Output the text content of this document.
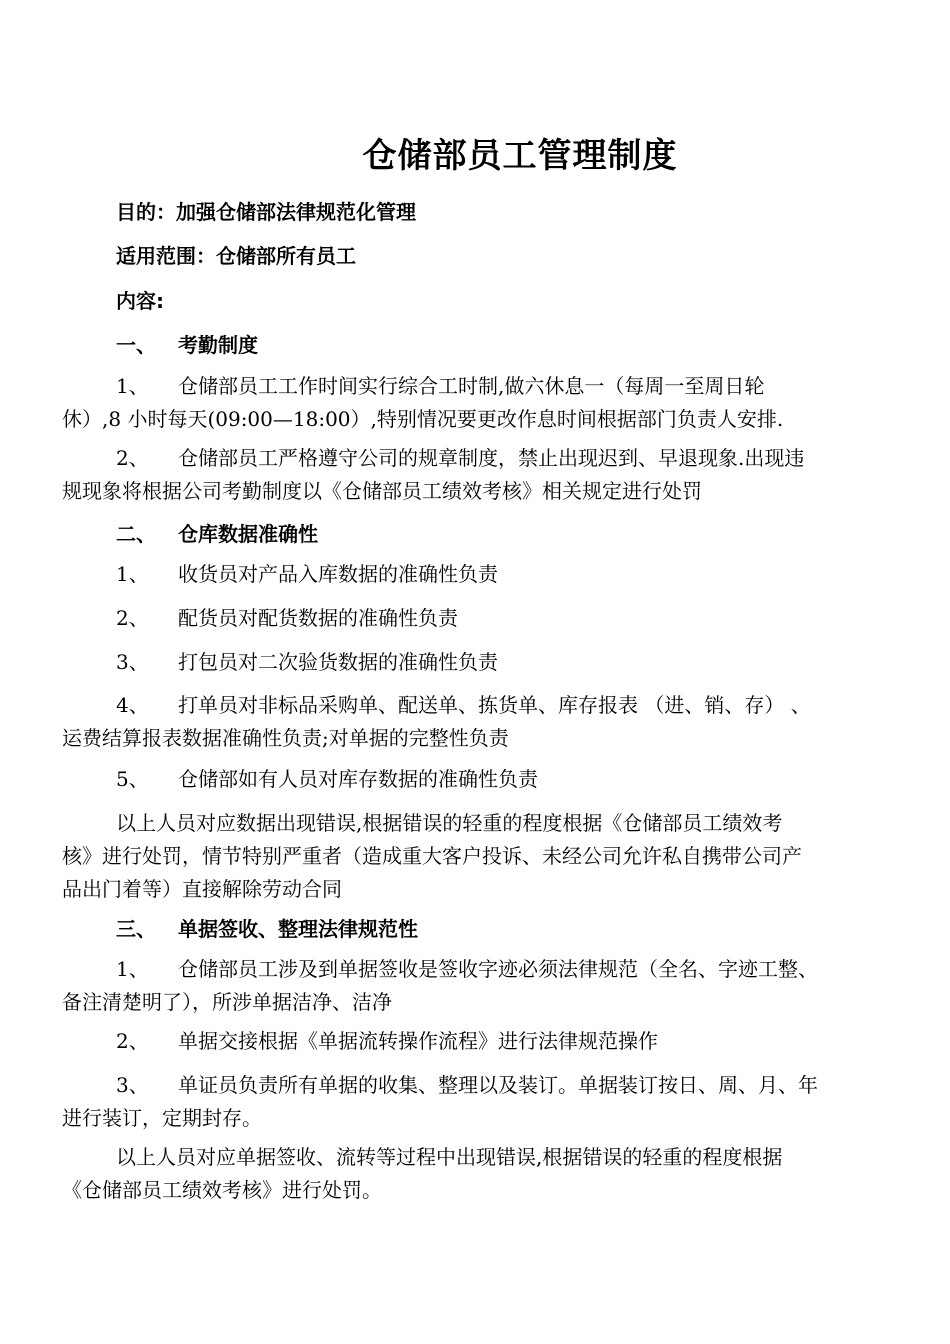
仓储部员工管理制度
目的：加强仓储部法律规范化管理
适用范围：仓储部所有员工
内容:
一、 考勤制度
1、 仓储部员工工作时间实行综合工时制,做六休息一（每周一至周日轮
休）,8 小时每天(09:00—18:00）,特别情况要更改作息时间根据部门负责人安排.
2、 仓储部员工严格遵守公司的规章制度，禁止出现迟到、早退现象.出现违
规现象将根据公司考勤制度以《仓储部员工绩效考核》相关规定进行处罚
二、 仓库数据准确性
1、 收货员对产品入库数据的准确性负责
2、 配货员对配货数据的准确性负责
3、 打包员对二次验货数据的准确性负责
4、 打单员对非标品采购单、配送单、拣货单、库存报表 （进、销、存） 、
运费结算报表数据准确性负责;对单据的完整性负责
5、 仓储部如有人员对库存数据的准确性负责
以上人员对应数据出现错误,根据错误的轻重的程度根据《仓储部员工绩效考
核》进行处罚，情节特别严重者（造成重大客户投诉、未经公司允许私自携带公司产
品出门着等）直接解除劳动合同
三、 单据签收、整理法律规范性
1、 仓储部员工涉及到单据签收是签收字迹必须法律规范（全名、字迹工整、
备注清楚明了），所涉单据洁净、洁净
2、 单据交接根据《单据流转操作流程》进行法律规范操作
3、 单证员负责所有单据的收集、整理以及装订。单据装订按日、周、月、年
进行装订，定期封存。
以上人员对应单据签收、流转等过程中出现错误,根据错误的轻重的程度根据
《仓储部员工绩效考核》进行处罚。
